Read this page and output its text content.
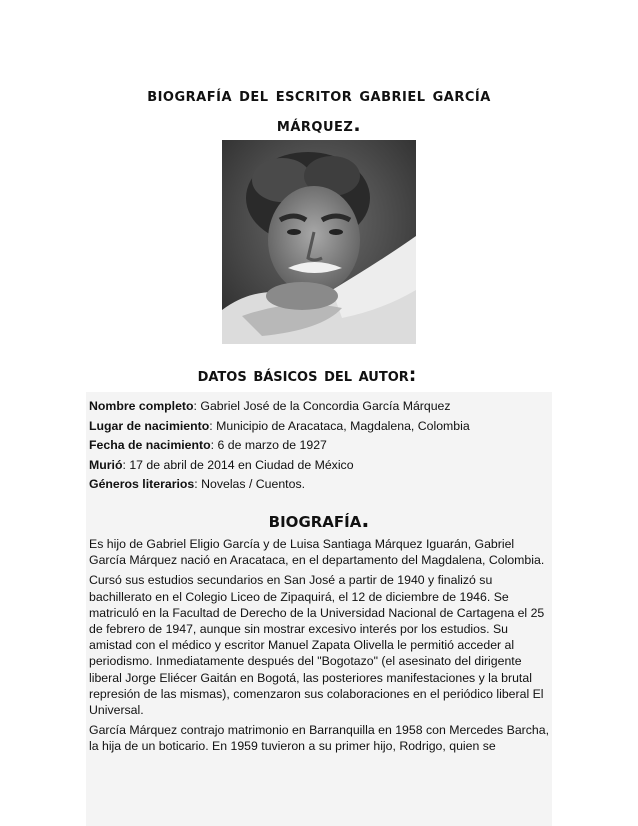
biografía del escritor gabriel garcía
márquez.
datos básicos del autor:
Nombre completo: Gabriel José de la Concordia García Márquez
Lugar de nacimiento: Municipio de Aracataca, Magdalena, Colombia
Fecha de nacimiento: 6 de marzo de 1927
Murió: 17 de abril de 2014 en Ciudad de México
Géneros literarios: Novelas / Cuentos.
biografía.

Es hijo de Gabriel Eligio García y de Luisa Santiaga Márquez Iguarán, Gabriel García Márquez nació en Aracataca, en el departamento del Magdalena, Colombia.

Cursó sus estudios secundarios en San José a partir de 1940 y finalizó su bachillerato en el Colegio Liceo de Zipaquirá, el 12 de diciembre de 1946. Se matriculó en la Facultad de Derecho de la Universidad Nacional de Cartagena el 25 de febrero de 1947, aunque sin mostrar excesivo interés por los estudios. Su amistad con el médico y escritor Manuel Zapata Olivella le permitió acceder al periodismo. Inmediatamente después del "Bogotazo" (el asesinato del dirigente liberal Jorge Eliécer Gaitán en Bogotá, las posteriores manifestaciones y la brutal represión de las mismas), comenzaron sus colaboraciones en el periódico liberal El Universal.

García Márquez contrajo matrimonio en Barranquilla en 1958 con Mercedes Barcha, la hija de un boticario. En 1959 tuvieron a su primer hijo, Rodrigo, quien se
